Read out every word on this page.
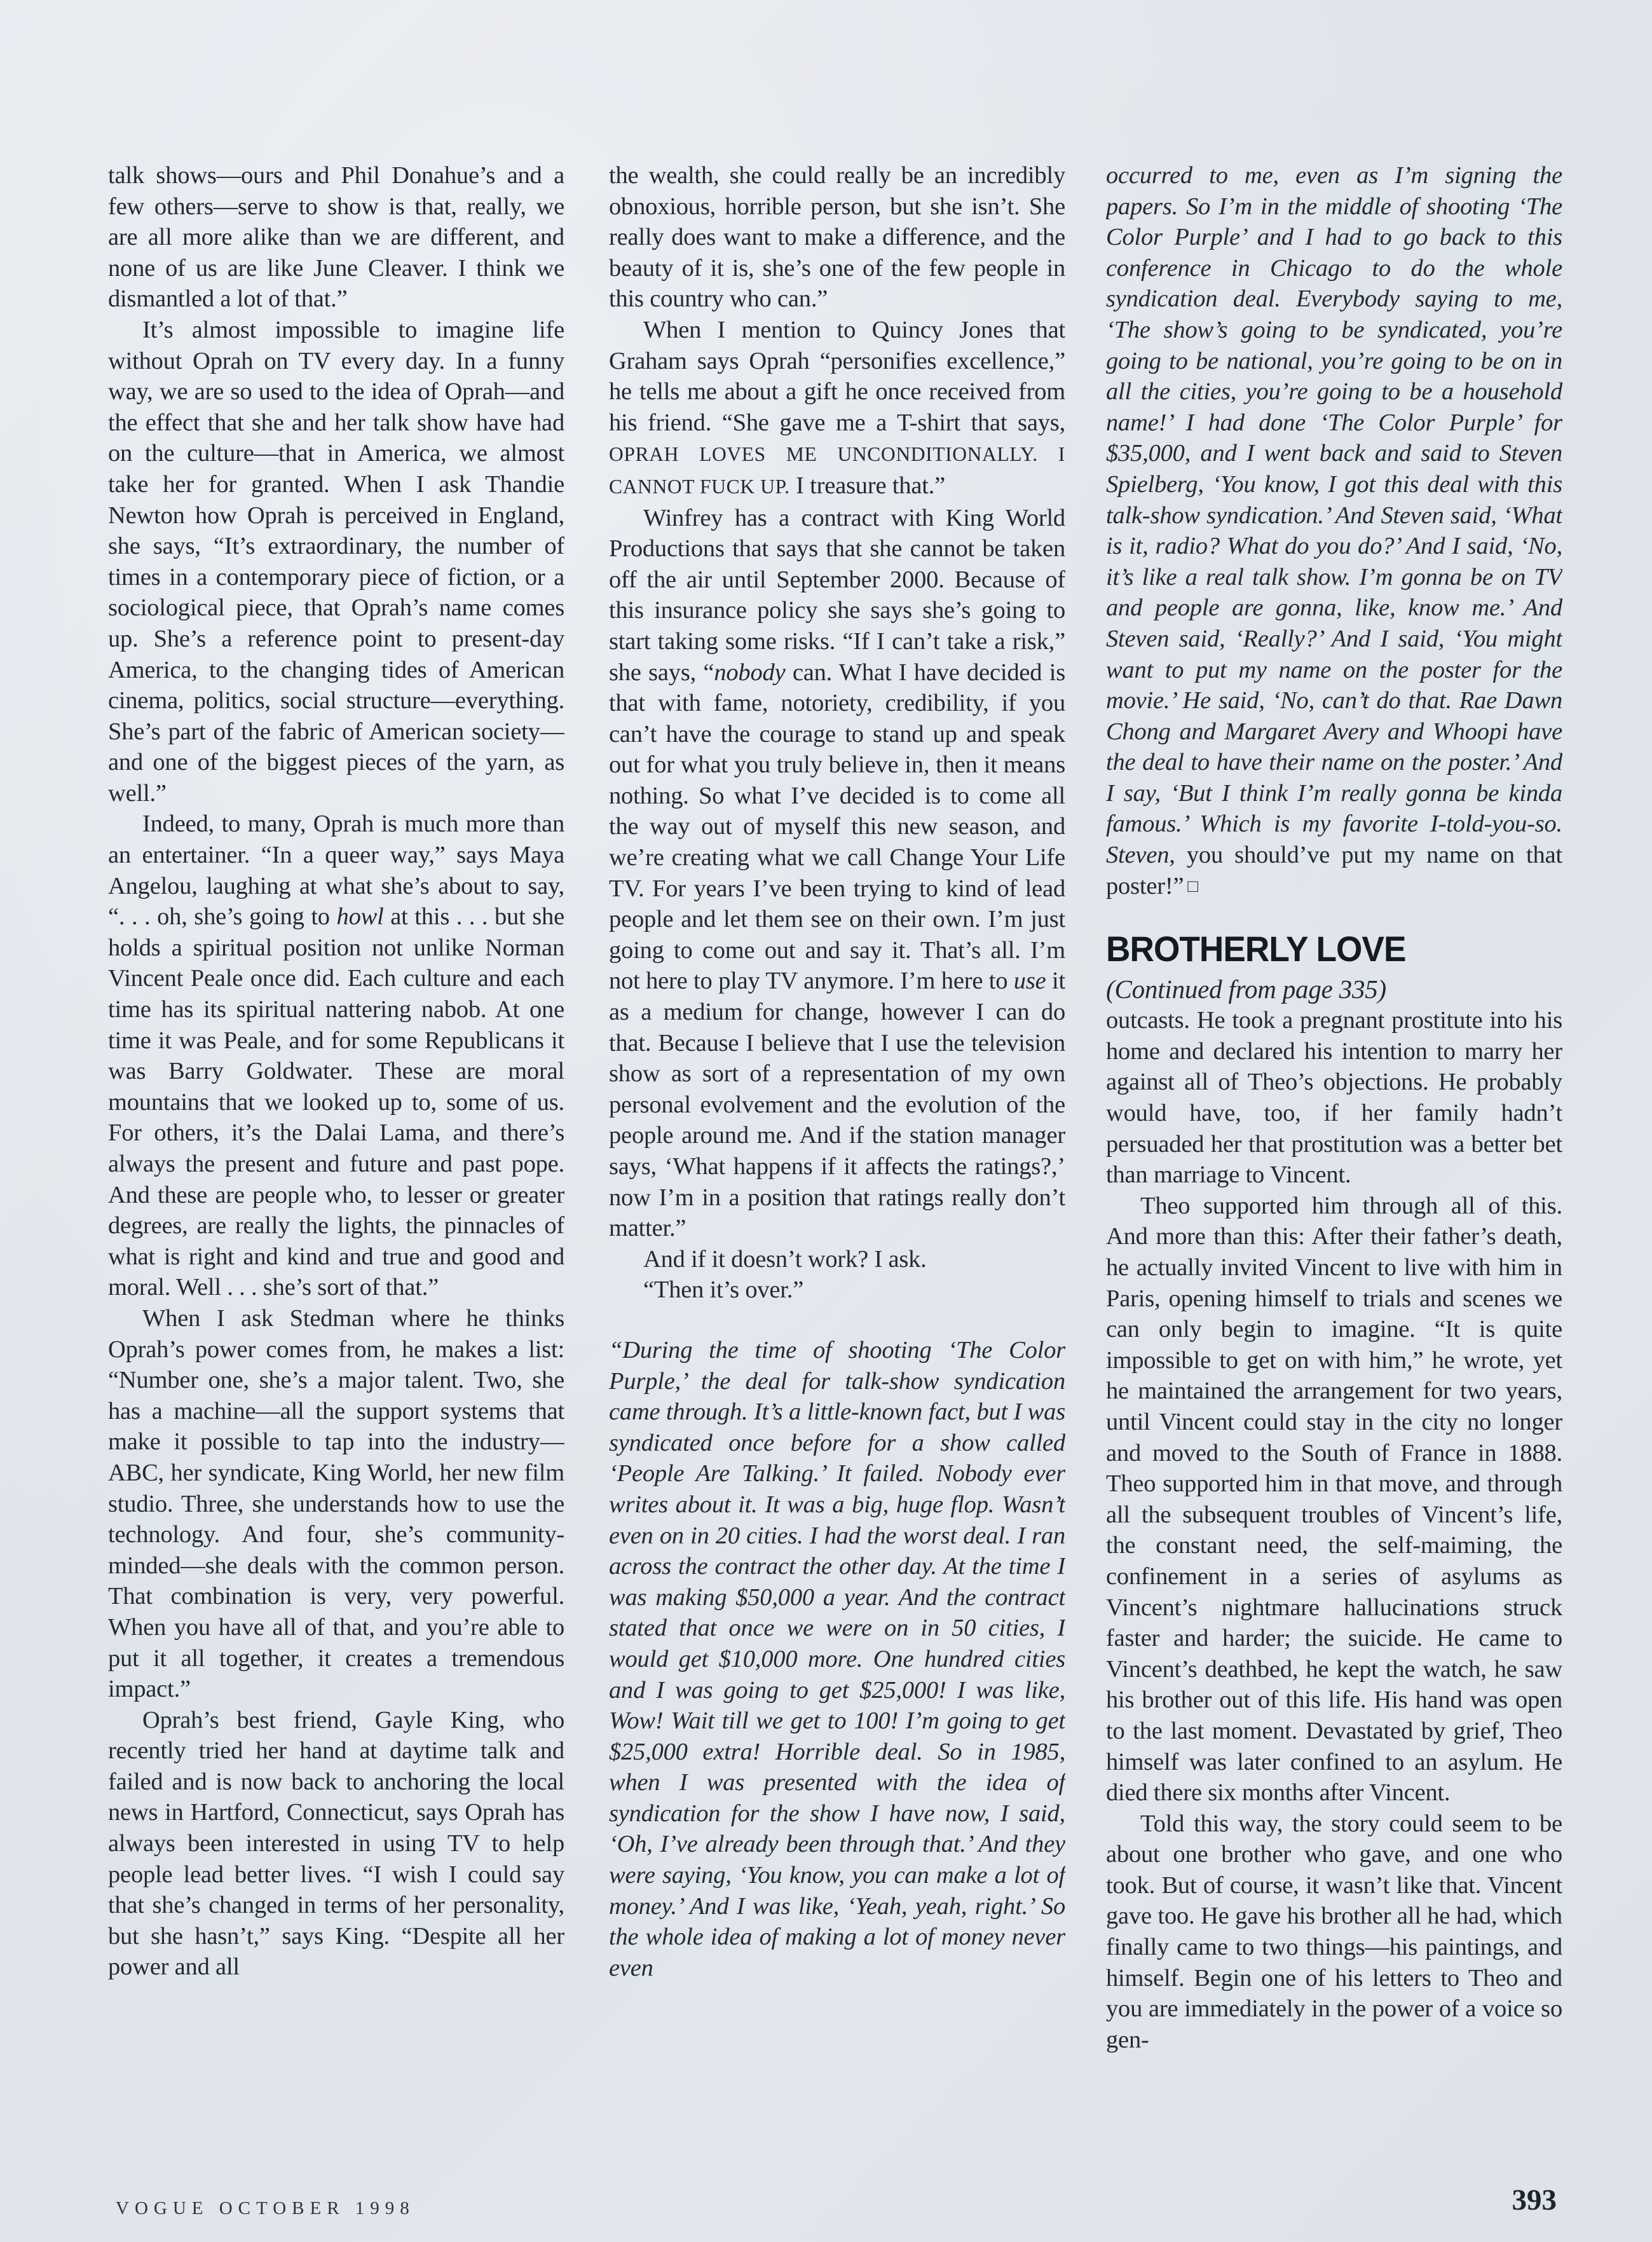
talk shows—ours and Phil Donahue’s and a few others—serve to show is that, really, we are all more alike than we are different, and none of us are like June Cleaver. I think we dismantled a lot of that.”

It’s almost impossible to imagine life without Oprah on TV every day. In a funny way, we are so used to the idea of Oprah—and the effect that she and her talk show have had on the culture—that in America, we almost take her for granted. When I ask Thandie Newton how Oprah is perceived in England, she says, “It’s extraordinary, the number of times in a contemporary piece of fiction, or a sociological piece, that Oprah’s name comes up. She’s a reference point to present-day America, to the changing tides of American cinema, politics, social structure—everything. She’s part of the fabric of American society—and one of the biggest pieces of the yarn, as well.”

Indeed, to many, Oprah is much more than an entertainer. “In a queer way,” says Maya Angelou, laughing at what she’s about to say, “. . . oh, she’s going to howl at this . . . but she holds a spiritual position not unlike Norman Vincent Peale once did. Each culture and each time has its spiritual nattering nabob. At one time it was Peale, and for some Republicans it was Barry Goldwater. These are moral mountains that we looked up to, some of us. For others, it’s the Dalai Lama, and there’s always the present and future and past pope. And these are people who, to lesser or greater degrees, are really the lights, the pinnacles of what is right and kind and true and good and moral. Well . . . she’s sort of that.”

When I ask Stedman where he thinks Oprah’s power comes from, he makes a list: “Number one, she’s a major talent. Two, she has a machine—all the support systems that make it possible to tap into the industry—ABC, her syndicate, King World, her new film studio. Three, she understands how to use the technology. And four, she’s community-minded—she deals with the common person. That combination is very, very powerful. When you have all of that, and you’re able to put it all together, it creates a tremendous impact.”

Oprah’s best friend, Gayle King, who recently tried her hand at daytime talk and failed and is now back to anchoring the local news in Hartford, Connecticut, says Oprah has always been interested in using TV to help people lead better lives. “I wish I could say that she’s changed in terms of her personality, but she hasn’t,” says King. “Despite all her power and all

the wealth, she could really be an incredibly obnoxious, horrible person, but she isn’t. She really does want to make a difference, and the beauty of it is, she’s one of the few people in this country who can.”

When I mention to Quincy Jones that Graham says Oprah “personifies excellence,” he tells me about a gift he once received from his friend. “She gave me a T-shirt that says, OPRAH LOVES ME UNCONDITIONALLY. I CANNOT FUCK UP. I treasure that.”

Winfrey has a contract with King World Productions that says that she cannot be taken off the air until September 2000. Because of this insurance policy she says she’s going to start taking some risks. “If I can’t take a risk,” she says, “nobody can. What I have decided is that with fame, notoriety, credibility, if you can’t have the courage to stand up and speak out for what you truly believe in, then it means nothing. So what I’ve decided is to come all the way out of myself this new season, and we’re creating what we call Change Your Life TV. For years I’ve been trying to kind of lead people and let them see on their own. I’m just going to come out and say it. That’s all. I’m not here to play TV anymore. I’m here to use it as a medium for change, however I can do that. Because I believe that I use the television show as sort of a representation of my own personal evolvement and the evolution of the people around me. And if the station manager says, ‘What happens if it affects the ratings?,’ now I’m in a position that ratings really don’t matter.”

And if it doesn’t work? I ask.

“Then it’s over.”

“During the time of shooting ‘The Color Purple,’ the deal for talk-show syndication came through. It’s a little-known fact, but I was syndicated once before for a show called ‘People Are Talking.’ It failed. Nobody ever writes about it. It was a big, huge flop. Wasn’t even on in 20 cities. I had the worst deal. I ran across the contract the other day. At the time I was making $50,000 a year. And the contract stated that once we were on in 50 cities, I would get $10,000 more. One hundred cities and I was going to get $25,000! I was like, Wow! Wait till we get to 100! I’m going to get $25,000 extra! Horrible deal. So in 1985, when I was presented with the idea of syndication for the show I have now, I said, ‘Oh, I’ve already been through that.’ And they were saying, ‘You know, you can make a lot of money.’ And I was like, ‘Yeah, yeah, right.’ So the whole idea of making a lot of money never even

occurred to me, even as I’m signing the papers. So I’m in the middle of shooting ‘The Color Purple’ and I had to go back to this conference in Chicago to do the whole syndication deal. Everybody saying to me, ‘The show’s going to be syndicated, you’re going to be national, you’re going to be on in all the cities, you’re going to be a household name!’ I had done ‘The Color Purple’ for $35,000, and I went back and said to Steven Spielberg, ‘You know, I got this deal with this talk-show syndication.’ And Steven said, ‘What is it, radio? What do you do?’ And I said, ‘No, it’s like a real talk show. I’m gonna be on TV and people are gonna, like, know me.’ And Steven said, ‘Really?’ And I said, ‘You might want to put my name on the poster for the movie.’ He said, ‘No, can’t do that. Rae Dawn Chong and Margaret Avery and Whoopi have the deal to have their name on the poster.’ And I say, ‘But I think I’m really gonna be kinda famous.’ Which is my favorite I-told-you-so. Steven, you should’ve put my name on that poster!” □

BROTHERLY LOVE

(Continued from page 335)

outcasts. He took a pregnant prostitute into his home and declared his intention to marry her against all of Theo’s objections. He probably would have, too, if her family hadn’t persuaded her that prostitution was a better bet than marriage to Vincent.

Theo supported him through all of this. And more than this: After their father’s death, he actually invited Vincent to live with him in Paris, opening himself to trials and scenes we can only begin to imagine. “It is quite impossible to get on with him,” he wrote, yet he maintained the arrangement for two years, until Vincent could stay in the city no longer and moved to the South of France in 1888. Theo supported him in that move, and through all the subsequent troubles of Vincent’s life, the constant need, the self-maiming, the confinement in a series of asylums as Vincent’s nightmare hallucinations struck faster and harder; the suicide. He came to Vincent’s deathbed, he kept the watch, he saw his brother out of this life. His hand was open to the last moment. Devastated by grief, Theo himself was later confined to an asylum. He died there six months after Vincent.

Told this way, the story could seem to be about one brother who gave, and one who took. But of course, it wasn’t like that. Vincent gave too. He gave his brother all he had, which finally came to two things—his paintings, and himself. Begin one of his letters to Theo and you are immediately in the power of a voice so gen-

VOGUE OCTOBER 1998	393
